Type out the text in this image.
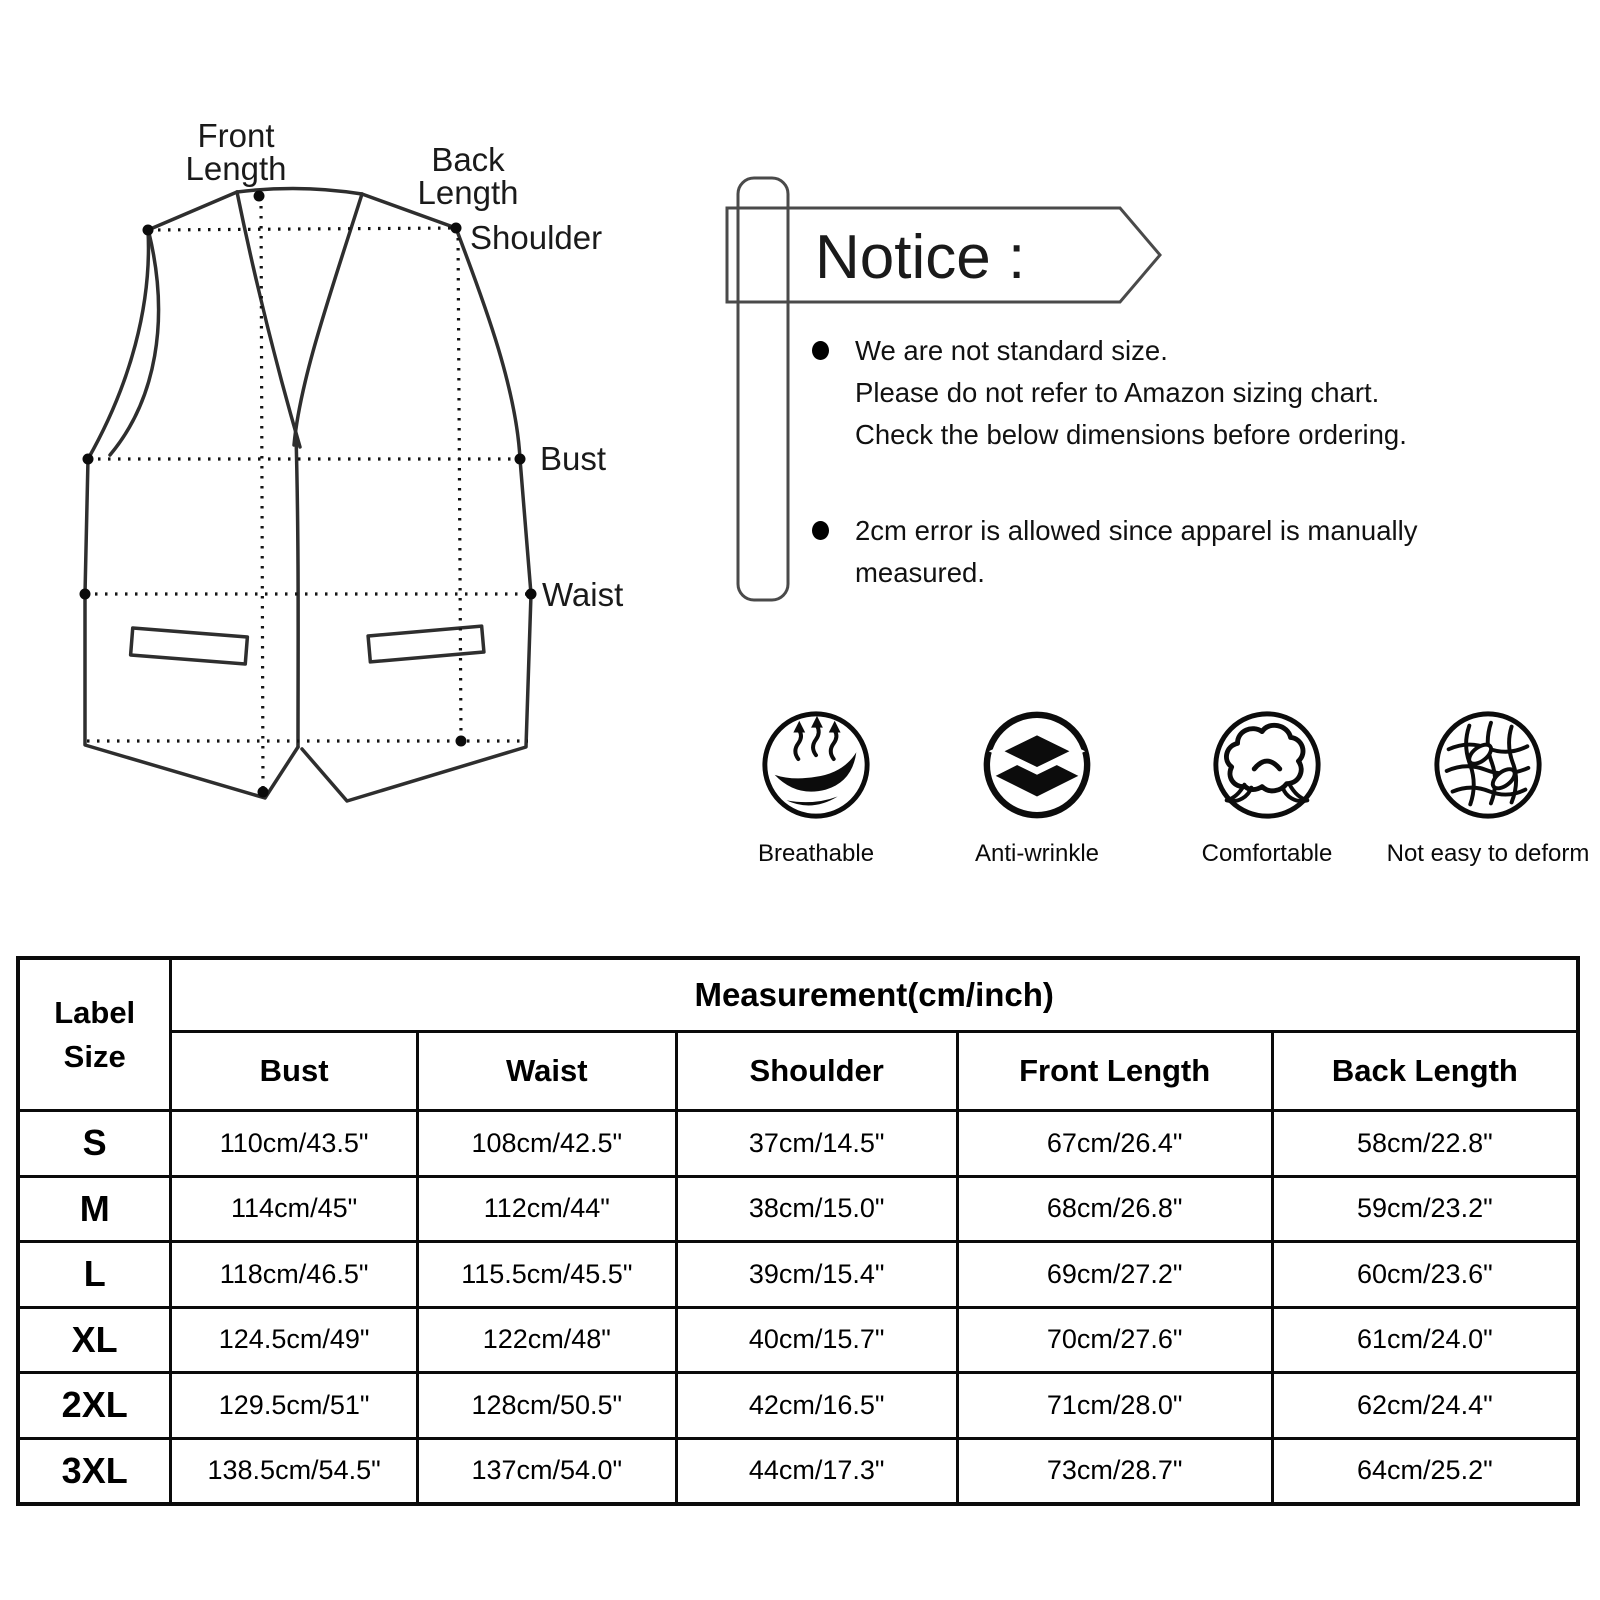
Front
Length	Back
Length
Shoulder
Bust
Waist
Notice :
We are not standard size.
Please do not refer to Amazon sizing chart.
Check the below dimensions before ordering.
2cm error is allowed since apparel is manually
measured.
Breathable	Anti-wrinkle	Comfortable Not easy to deform
Label
Size	Measurement(cm/inch)				
	Bust	Waist	Shoulder	Front Length	Back Length
S	110cm/43.5"	108cm/42.5"	37cm/14.5"	67cm/26.4"	58cm/22.8"
M	114cm/45"	112cm/44"	38cm/15.0"	68cm/26.8"	59cm/23.2"
L	118cm/46.5"	115.5cm/45.5"	39cm/15.4"	69cm/27.2"	60cm/23.6"
XL	124.5cm/49"	122cm/48"	40cm/15.7"	70cm/27.6"	61cm/24.0"
2XL	129.5cm/51"	128cm/50.5"	42cm/16.5"	71cm/28.0"	62cm/24.4"
3XL	138.5cm/54.5"	137cm/54.0"	44cm/17.3"	73cm/28.7"	64cm/25.2"
